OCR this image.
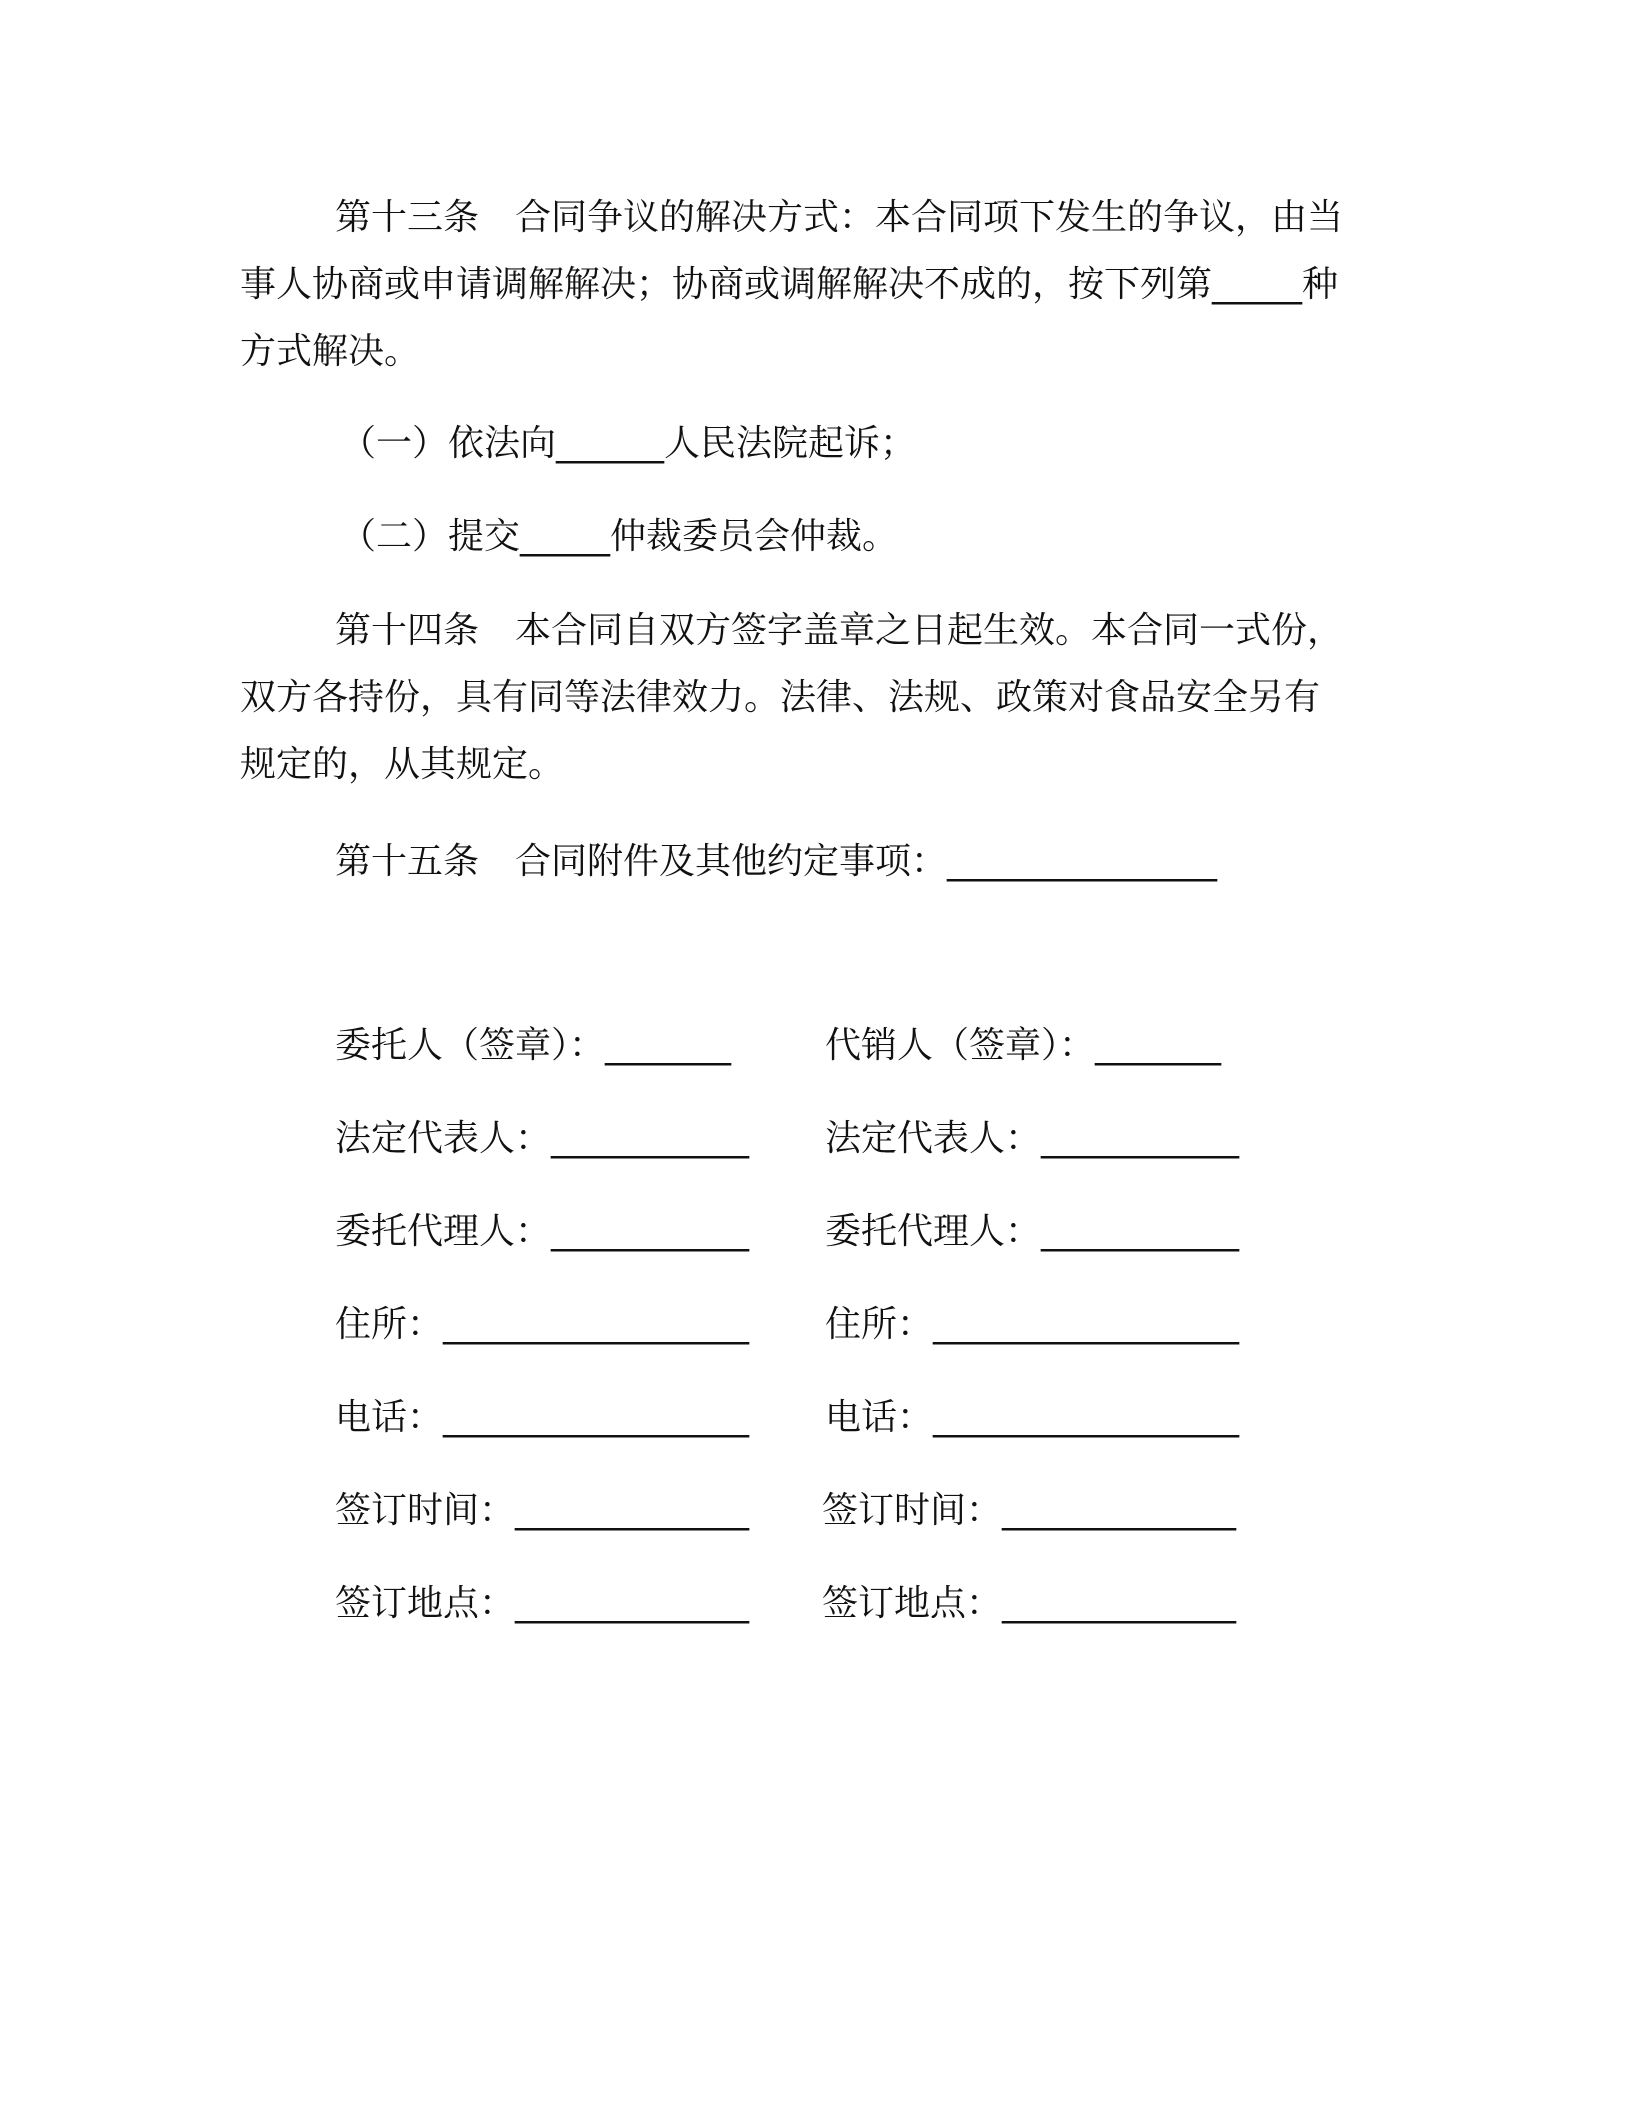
第十三条　合同争议的解决方式：本合同项下发生的争议，由当
事人协商或申请调解解决；协商或调解解决不成的，按下列第_____种
方式解决。
（一）依法向______人民法院起诉；
（二）提交_____仲裁委员会仲裁。
第十四条　本合同自双方签字盖章之日起生效。本合同一式份，
双方各持份，具有同等法律效力。法律、法规、政策对食品安全另有
规定的，从其规定。
第十五条　合同附件及其他约定事项：_______________
委托人（签章）：_______	代销人（签章）：_______
法定代表人：___________ 法定代表人：___________
委托代理人：___________ 委托代理人：___________
住所：_________________ 住所：_________________
电话：_________________ 电话：_________________
签订时间：_____________ 签订时间：_____________
签订地点：_____________ 签订地点：_____________
